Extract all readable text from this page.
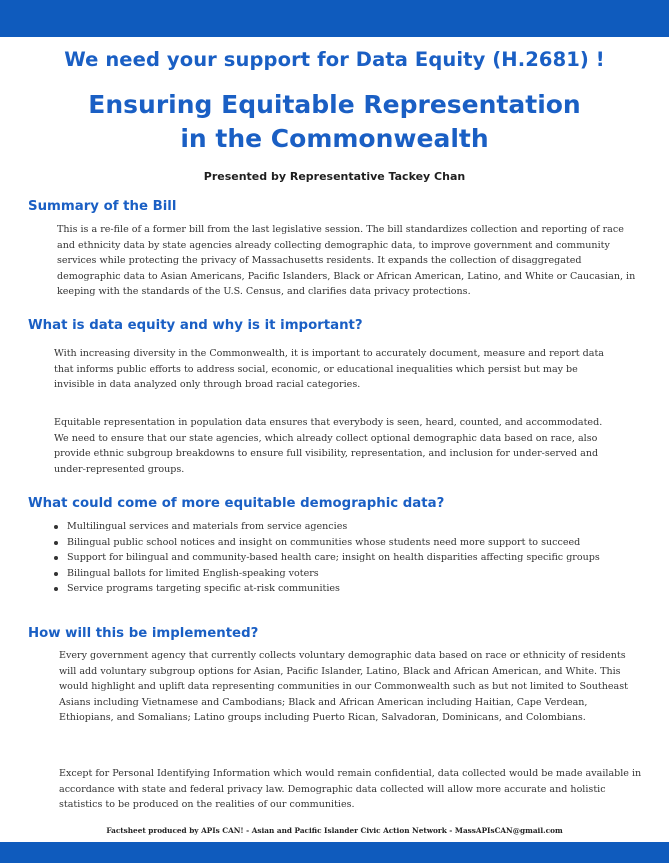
We need your support for Data Equity (H.2681) !
Ensuring Equitable Representation
in the Commonwealth

Presented by Representative Tackey Chan

Summary of the Bill

This is a re-file of a former bill from the last legislative session. The bill standardizes collection and reporting of race and ethnicity data by state agencies already collecting demographic data, to improve government and community services while protecting the privacy of Massachusetts residents. It expands the collection of disaggregated demographic data to Asian Americans, Pacific Islanders, Black or African American, Latino, and White or Caucasian, in keeping with the standards of the U.S. Census, and clarifies data privacy protections.

What is data equity and why is it important?

With increasing diversity in the Commonwealth, it is important to accurately document, measure and report data that informs public efforts to address social, economic, or educational inequalities which persist but may be invisible in data analyzed only through broad racial categories.

Equitable representation in population data ensures that everybody is seen, heard, counted, and accommodated. We need to ensure that our state agencies, which already collect optional demographic data based on race, also provide ethnic subgroup breakdowns to ensure full visibility, representation, and inclusion for under-served and under-represented groups.

What could come of more equitable demographic data?
Multilingual services and materials from service agencies
Bilingual public school notices and insight on communities whose students need more support to succeed
Support for bilingual and community-based health care; insight on health disparities affecting specific groups
Bilingual ballots for limited English-speaking voters
Service programs targeting specific at-risk communities
How will this be implemented?

Every government agency that currently collects voluntary demographic data based on race or ethnicity of residents will add voluntary subgroup options for Asian, Pacific Islander, Latino, Black and African American, and White. This would highlight and uplift data representing communities in our Commonwealth such as but not limited to Southeast Asians including Vietnamese and Cambodians; Black and African American including Haitian, Cape Verdean, Ethiopians, and Somalians; Latino groups including Puerto Rican, Salvadoran, Dominicans, and Colombians.

Except for Personal Identifying Information which would remain confidential, data collected would be made available in accordance with state and federal privacy law. Demographic data collected will allow more accurate and holistic statistics to be produced on the realities of our communities.

Factsheet produced by APIs CAN! - Asian and Pacific Islander Civic Action Network - MassAPIsCAN@gmail.com
